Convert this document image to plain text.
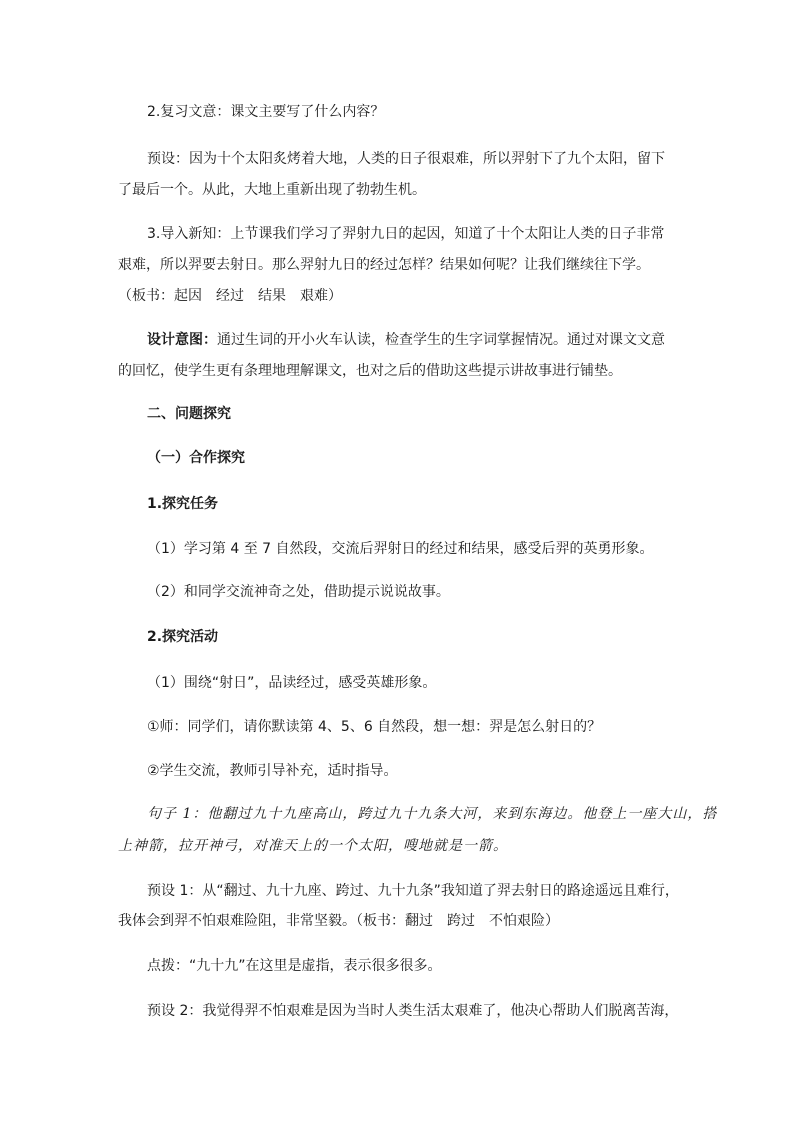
2.复习文意：课文主要写了什么内容？
预设：因为十个太阳炙烤着大地，人类的日子很艰难，所以羿射下了九个太阳，留下
了最后一个。从此，大地上重新出现了勃勃生机。
3.导入新知：上节课我们学习了羿射九日的起因，知道了十个太阳让人类的日子非常
艰难，所以羿要去射日。那么羿射九日的经过怎样？结果如何呢？让我们继续往下学。
（板书：起因　经过　结果　艰难）
设计意图：通过生词的开小火车认读，检查学生的生字词掌握情况。通过对课文文意
的回忆，使学生更有条理地理解课文，也对之后的借助这些提示讲故事进行铺垫。
二、问题探究
（一）合作探究
1.探究任务
（1）学习第 4 至 7 自然段，交流后羿射日的经过和结果，感受后羿的英勇形象。
（2）和同学交流神奇之处，借助提示说说故事。
2.探究活动
（1）围绕“射日”，品读经过，感受英雄形象。
①师：同学们，请你默读第 4、5、6 自然段，想一想：羿是怎么射日的？
②学生交流，教师引导补充，适时指导。
句子 1：他翻过九十九座高山，跨过九十九条大河，来到东海边。他登上一座大山，搭
上神箭，拉开神弓，对准天上的一个太阳，嗖地就是一箭。
预设 1：从“翻过、九十九座、跨过、九十九条”我知道了羿去射日的路途遥远且难行，
我体会到羿不怕艰难险阻，非常坚毅。（板书：翻过　跨过　不怕艰险）
点拨：“九十九”在这里是虚指，表示很多很多。
预设 2：我觉得羿不怕艰难是因为当时人类生活太艰难了，他决心帮助人们脱离苦海，
